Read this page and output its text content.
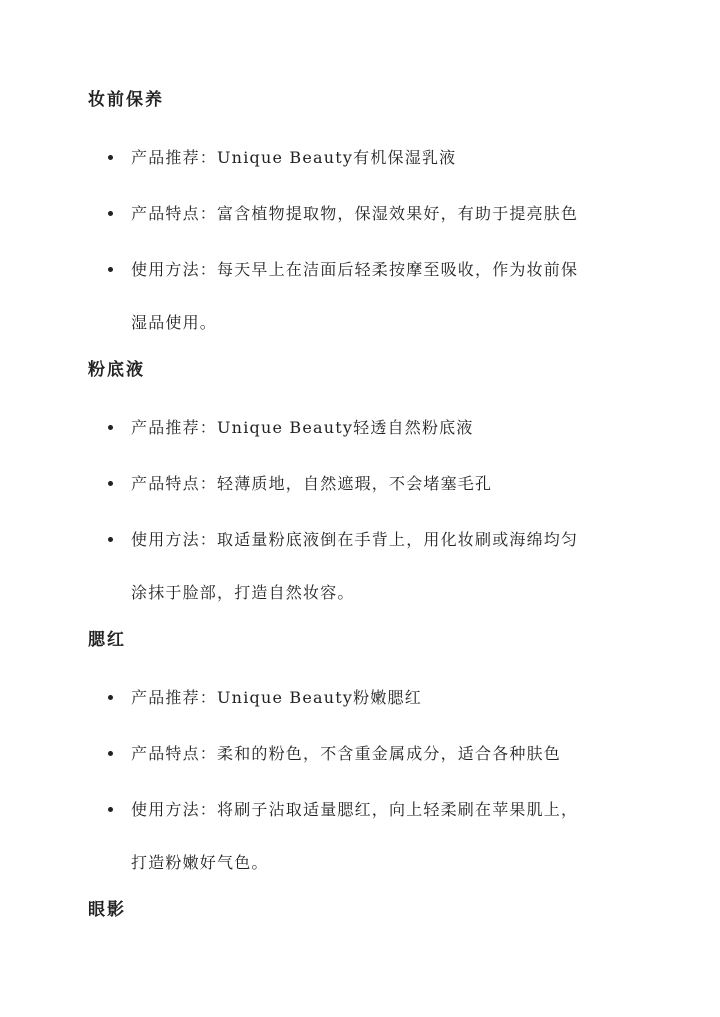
妆前保养
产品推荐：Unique Beauty有机保湿乳液
产品特点：富含植物提取物，保湿效果好，有助于提亮肤色
使用方法：每天早上在洁面后轻柔按摩至吸收，作为妆前保
湿品使用。
粉底液
产品推荐：Unique Beauty轻透自然粉底液
产品特点：轻薄质地，自然遮瑕，不会堵塞毛孔
使用方法：取适量粉底液倒在手背上，用化妆刷或海绵均匀
涂抹于脸部，打造自然妆容。
腮红
产品推荐：Unique Beauty粉嫩腮红
产品特点：柔和的粉色，不含重金属成分，适合各种肤色
使用方法：将刷子沾取适量腮红，向上轻柔刷在苹果肌上，
打造粉嫩好气色。
眼影
